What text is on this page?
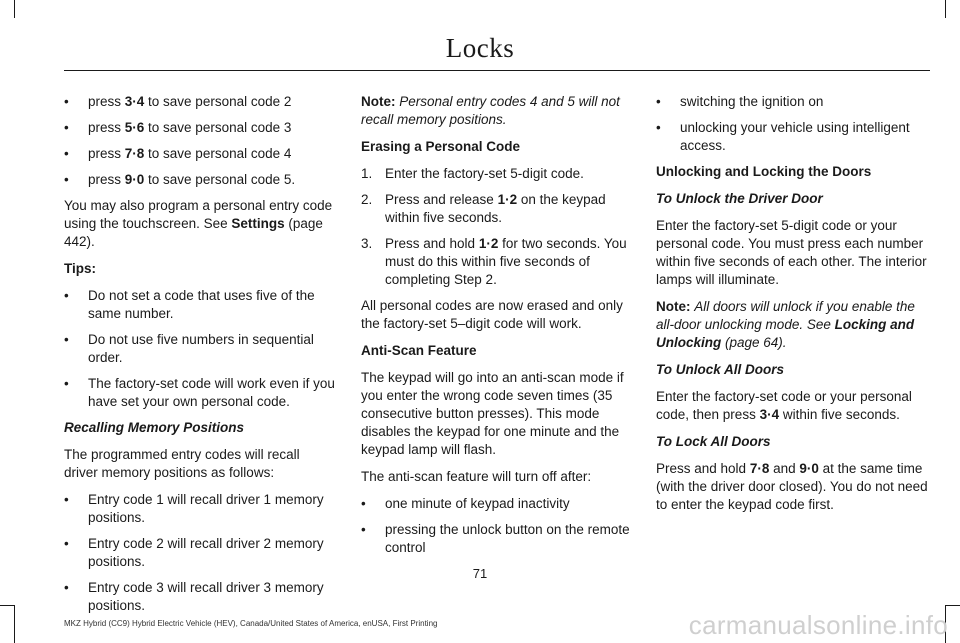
Locks
• press 3·4 to save personal code 2
• press 5·6 to save personal code 3
• press 7·8 to save personal code 4
• press 9·0 to save personal code 5.

You may also program a personal entry code using the touchscreen. See Settings (page 442).

Tips:
• Do not set a code that uses five of the same number.
• Do not use five numbers in sequential order.
• The factory-set code will work even if you have set your own personal code.
Recalling Memory Positions

The programmed entry codes will recall driver memory positions as follows:

• Entry code 1 will recall driver 1 memory positions.
• Entry code 2 will recall driver 2 memory positions.
• Entry code 3 will recall driver 3 memory positions.

Note: Personal entry codes 4 and 5 will not recall memory positions.

Erasing a Personal Code
1. Enter the factory-set 5-digit code.
2. Press and release 1·2 on the keypad within five seconds.
3. Press and hold 1·2 for two seconds. You must do this within five seconds of completing Step 2.

All personal codes are now erased and only the factory-set 5–digit code will work.

Anti-Scan Feature

The keypad will go into an anti-scan mode if you enter the wrong code seven times (35 consecutive button presses). This mode disables the keypad for one minute and the keypad lamp will flash.

The anti-scan feature will turn off after:

• one minute of keypad inactivity
• pressing the unlock button on the remote control
• switching the ignition on
• unlocking your vehicle using intelligent access.
Unlocking and Locking the Doors
To Unlock the Driver Door

Enter the factory-set 5-digit code or your personal code. You must press each number within five seconds of each other. The interior lamps will illuminate.

Note: All doors will unlock if you enable the all-door unlocking mode. See Locking and Unlocking (page 64).

To Unlock All Doors

Enter the factory-set code or your personal code, then press 3·4 within five seconds.

To Lock All Doors

Press and hold 7·8 and 9·0 at the same time (with the driver door closed). You do not need to enter the keypad code first.

71
MKZ Hybrid (CC9) Hybrid Electric Vehicle (HEV), Canada/United States of America, enUSA, First Printing	carmanualsonline.info
